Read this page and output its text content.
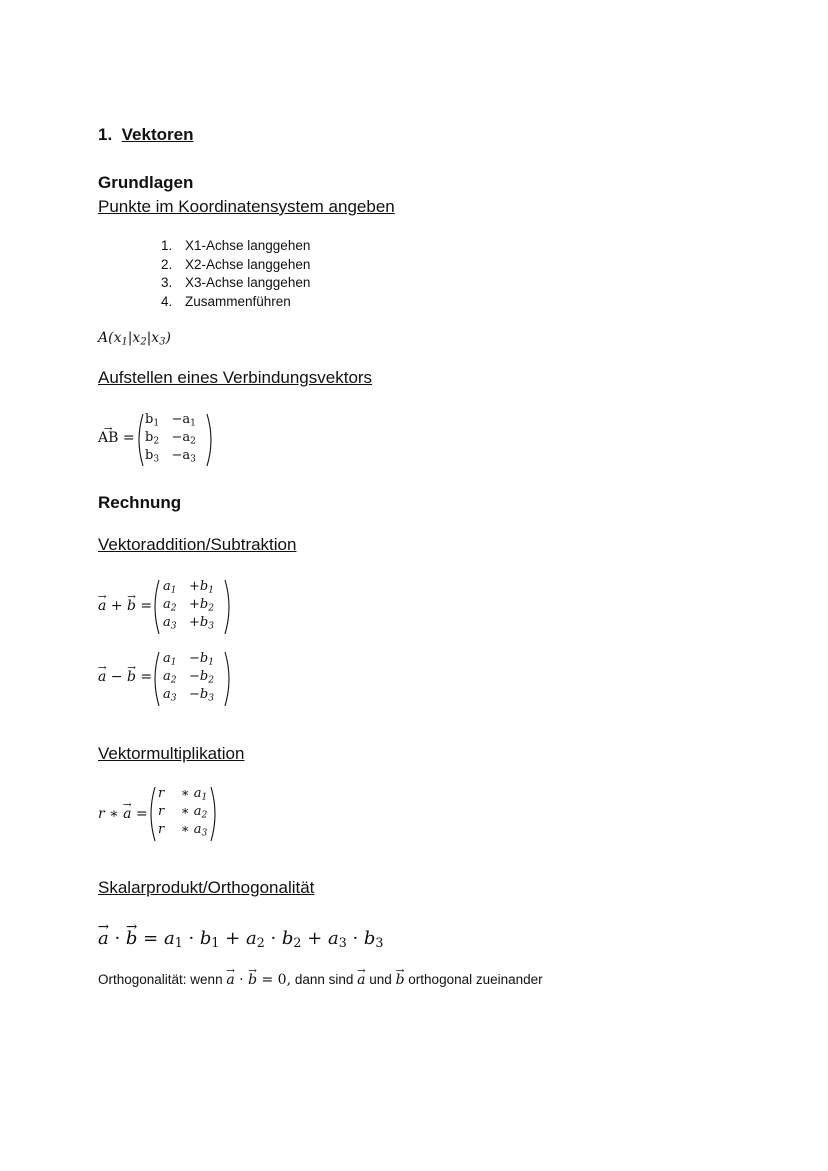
1. Vektoren
Grundlagen
Punkte im Koordinatensystem angeben
1. X1-Achse langgehen
2. X2-Achse langgehen
3. X3-Achse langgehen
4. Zusammenführen
$A(x_1|x_2|x_3)$
Aufstellen eines Verbindungsvektors
→ AB =
$b_1 -a_1$
$b_2 -a_2$
$b_3 -a_3$
Rechnung
Vektoraddition/Subtraktion
→ a + → b =
$a_1 +b_1$
$a_2 +b_2$
$a_3 +b_3$
→ a − → b =
$a_1 -b_1$
$a_2 -b_2$
$a_3 -b_3$
Vektormultiplikation
r ∗ → a =
r    ∗ $a_1$
r    ∗ $a_2$
r    ∗ $a_3$
Skalarprodukt/Orthogonalität
→ a · → $b = a_1 \cdot b_1 + a_2 \cdot b_2 + a_3 \cdot b_3$
Orthogonalität: wenn → a · → b = 0, dann sind → a und → b orthogonal zueinander
